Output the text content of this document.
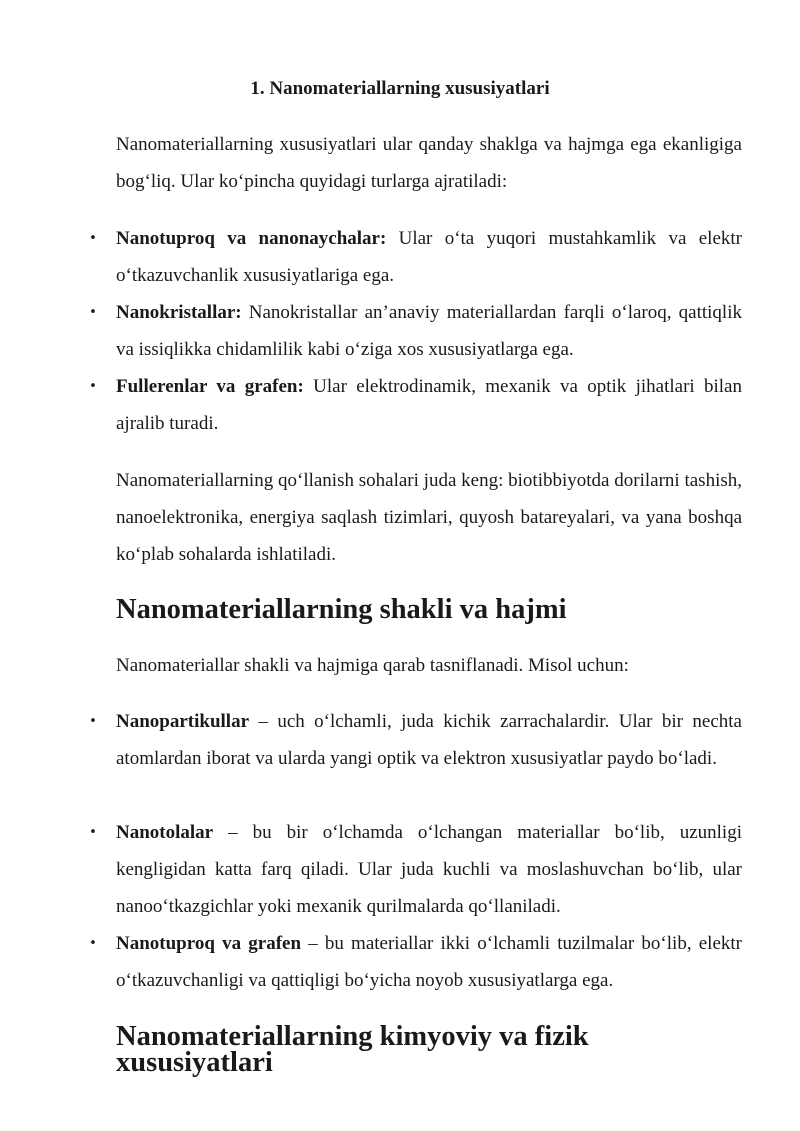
1. Nanomateriallarning xususiyatlari

Nanomateriallarning xususiyatlari ular qanday shaklga va hajmga ega ekanligiga bog‘liq. Ular ko‘pincha quyidagi turlarga ajratiladi:

• Nanotuproq va nanonaychalar: Ular o‘ta yuqori mustahkamlik va elektr o‘tkazuvchanlik xususiyatlariga ega.
• Nanokristallar: Nanokristallar an’anaviy materiallardan farqli o‘laroq, qattiqlik va issiqlikka chidamlilik kabi o‘ziga xos xususiyatlarga ega.
• Fullerenlar va grafen: Ular elektrodinamik, mexanik va optik jihatlari bilan ajralib turadi.

Nanomateriallarning qo‘llanish sohalari juda keng: biotibbiyotda dorilarni tashish, nanoelektronika, energiya saqlash tizimlari, quyosh batareyalari, va yana boshqa ko‘plab sohalarda ishlatiladi.

Nanomateriallarning shakli va hajmi

Nanomateriallar shakli va hajmiga qarab tasniflanadi. Misol uchun:

• Nanopartikullar – uch o‘lchamli, juda kichik zarrachalardir. Ular bir nechta atomlardan iborat va ularda yangi optik va elektron xususiyatlar paydo bo‘ladi.
• Nanotolalar – bu bir o‘lchamda o‘lchangan materiallar bo‘lib, uzunligi kengligidan katta farq qiladi. Ular juda kuchli va moslashuvchan bo‘lib, ular nanoo‘tkazgichlar yoki mexanik qurilmalarda qo‘llaniladi.
• Nanotuproq va grafen – bu materiallar ikki o‘lchamli tuzilmalar bo‘lib, elektr o‘tkazuvchanligi va qattiqligi bo‘yicha noyob xususiyatlarga ega.
Nanomateriallarning kimyoviy va fizik xususiyatlari
